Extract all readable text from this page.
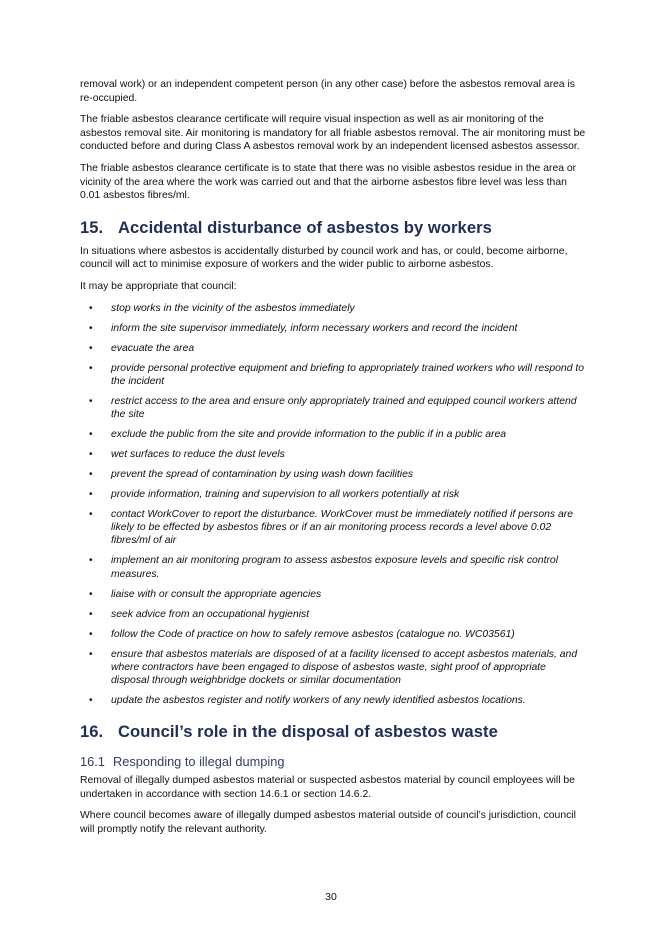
removal work) or an independent competent person (in any other case) before the asbestos removal area is re-occupied.

The friable asbestos clearance certificate will require visual inspection as well as air monitoring of the asbestos removal site. Air monitoring is mandatory for all friable asbestos removal. The air monitoring must be conducted before and during Class A asbestos removal work by an independent licensed asbestos assessor.

The friable asbestos clearance certificate is to state that there was no visible asbestos residue in the area or vicinity of the area where the work was carried out and that the airborne asbestos fibre level was less than 0.01 asbestos fibres/ml.

15. Accidental disturbance of asbestos by workers

In situations where asbestos is accidentally disturbed by council work and has, or could, become airborne, council will act to minimise exposure of workers and the wider public to airborne asbestos.

It may be appropriate that council:

• stop works in the vicinity of the asbestos immediately
• inform the site supervisor immediately, inform necessary workers and record the incident
• evacuate the area
• provide personal protective equipment and briefing to appropriately trained workers who will respond to the incident
• restrict access to the area and ensure only appropriately trained and equipped council workers attend the site
• exclude the public from the site and provide information to the public if in a public area
• wet surfaces to reduce the dust levels
• prevent the spread of contamination by using wash down facilities
• provide information, training and supervision to all workers potentially at risk
• contact WorkCover to report the disturbance. WorkCover must be immediately notified if persons are likely to be effected by asbestos fibres or if an air monitoring process records a level above 0.02 fibres/ml of air
• implement an air monitoring program to assess asbestos exposure levels and specific risk control measures.
• liaise with or consult the appropriate agencies
• seek advice from an occupational hygienist
• follow the Code of practice on how to safely remove asbestos (catalogue no. WC03561)
• ensure that asbestos materials are disposed of at a facility licensed to accept asbestos materials, and where contractors have been engaged to dispose of asbestos waste, sight proof of appropriate disposal through weighbridge dockets or similar documentation
• update the asbestos register and notify workers of any newly identified asbestos locations.
16. Council’s role in the disposal of asbestos waste
16.1 Responding to illegal dumping

Removal of illegally dumped asbestos material or suspected asbestos material by council employees will be undertaken in accordance with section 14.6.1 or section 14.6.2.

Where council becomes aware of illegally dumped asbestos material outside of council’s jurisdiction, council will promptly notify the relevant authority.

30
